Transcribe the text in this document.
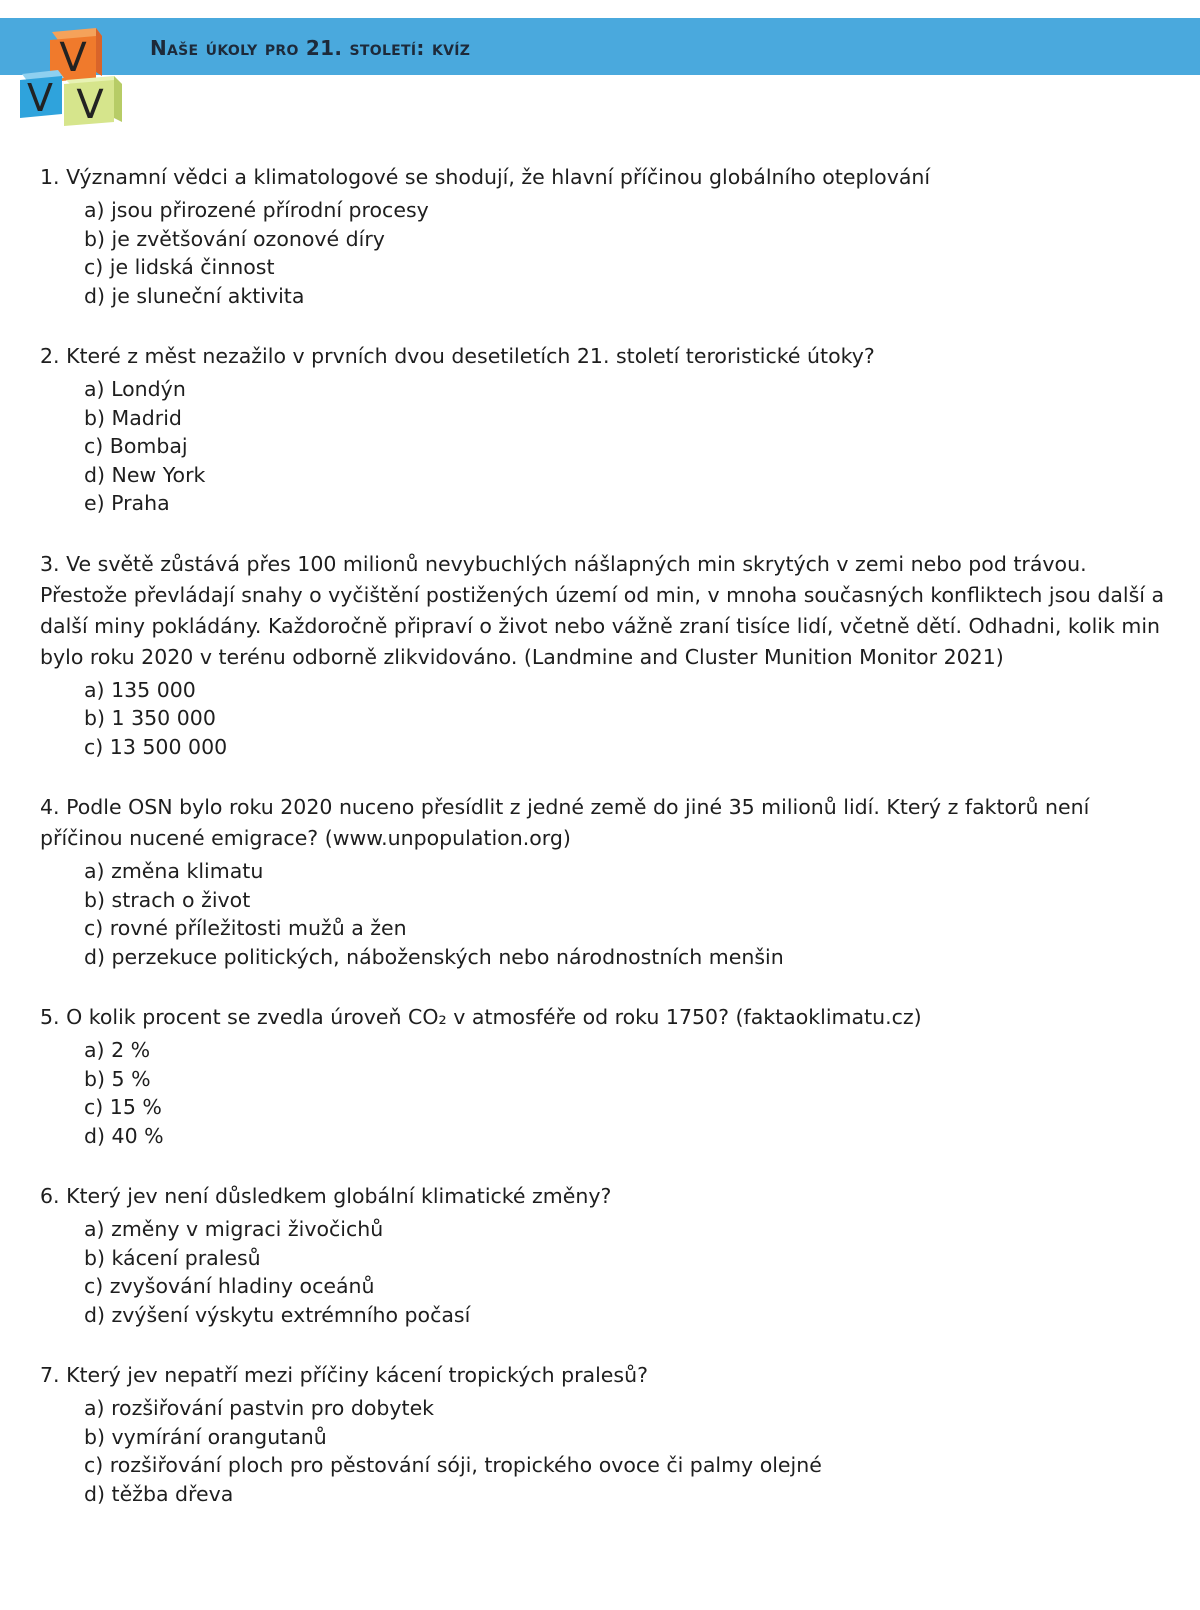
V
V V
Naše úkoly pro 21. století: kvíz
1. Významní vědci a klimatologové se shodují, že hlavní příčinou globálního oteplování
a) jsou přirozené přírodní procesy
b) je zvětšování ozonové díry
c) je lidská činnost
d) je sluneční aktivita
2. Které z měst nezažilo v prvních dvou desetiletích 21. století teroristické útoky?
a) Londýn
b) Madrid
c) Bombaj
d) New York
e) Praha
3. Ve světě zůstává přes 100 milionů nevybuchlých nášlapných min skrytých v zemi nebo pod trávou. Přestože převládají snahy o vyčištění postižených území od min, v mnoha současných konfliktech jsou další a další miny pokládány. Každoročně připraví o život nebo vážně zraní tisíce lidí, včetně dětí. Odhadni, kolik min bylo roku 2020 v terénu odborně zlikvidováno. (Landmine and Cluster Munition Monitor 2021)
a) 135 000
b) 1 350 000
c) 13 500 000
4. Podle OSN bylo roku 2020 nuceno přesídlit z jedné země do jiné 35 milionů lidí. Který z faktorů není příčinou nucené emigrace? (www.unpopulation.org)
a) změna klimatu
b) strach o život
c) rovné příležitosti mužů a žen
d) perzekuce politických, náboženských nebo národnostních menšin
5. O kolik procent se zvedla úroveň CO₂ v atmosféře od roku 1750? (faktaoklimatu.cz)
a) 2 %
b) 5 %
c) 15 %
d) 40 %
6. Který jev není důsledkem globální klimatické změny?
a) změny v migraci živočichů
b) kácení pralesů
c) zvyšování hladiny oceánů
d) zvýšení výskytu extrémního počasí
7. Který jev nepatří mezi příčiny kácení tropických pralesů?
a) rozšiřování pastvin pro dobytek
b) vymírání orangutanů
c) rozšiřování ploch pro pěstování sóji, tropického ovoce či palmy olejné
d) těžba dřeva
